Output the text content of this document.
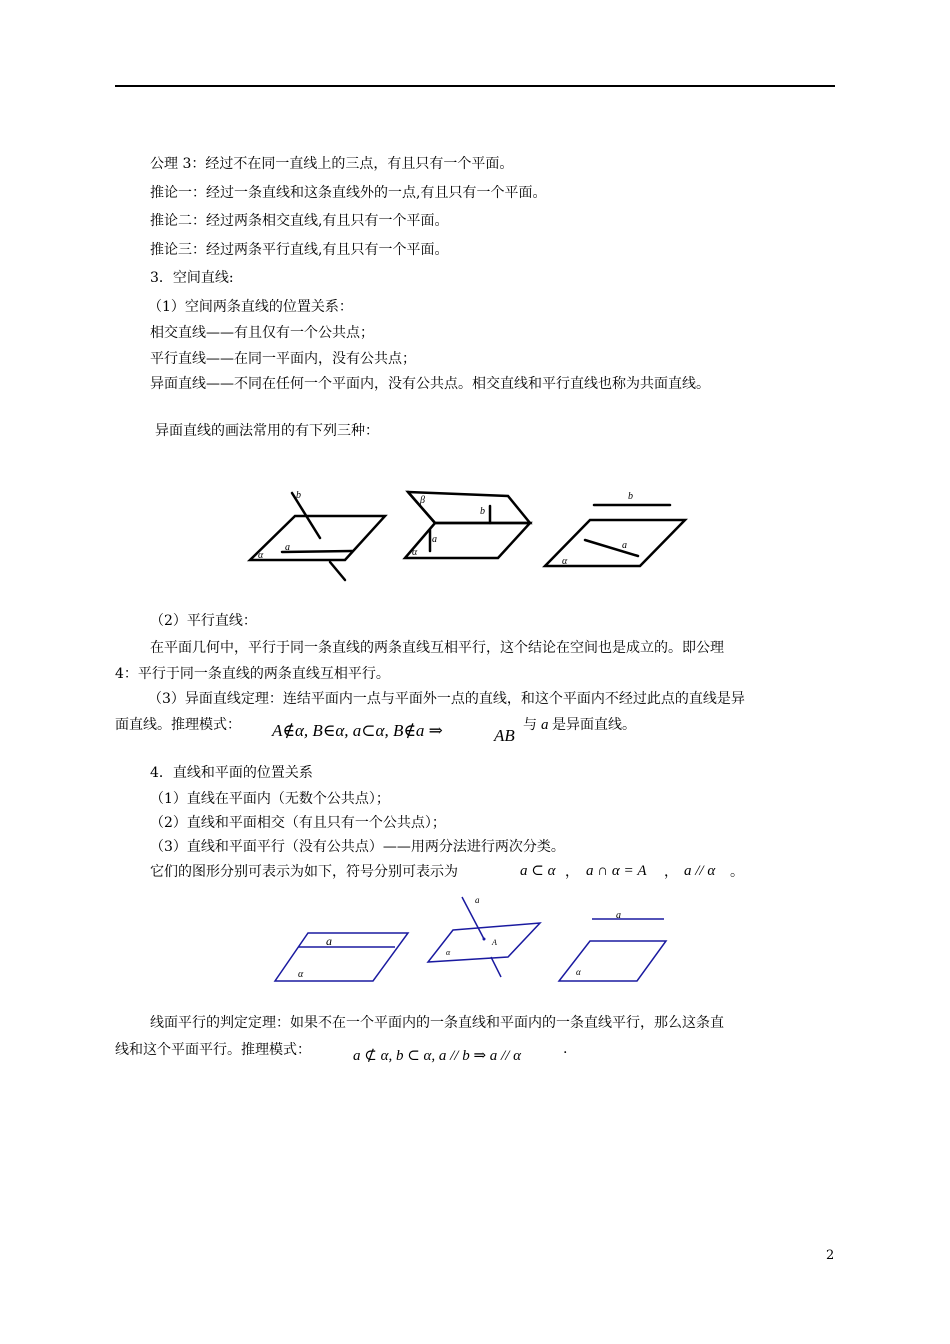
公理 3：经过不在同一直线上的三点，有且只有一个平面。
推论一：经过一条直线和这条直线外的一点,有且只有一个平面。
推论二：经过两条相交直线,有且只有一个平面。
推论三：经过两条平行直线,有且只有一个平面。
3．空间直线:
（1）空间两条直线的位置关系：
相交直线——有且仅有一个公共点；
平行直线——在同一平面内，没有公共点；
异面直线——不同在任何一个平面内，没有公共点。相交直线和平行直线也称为共面直线。
异面直线的画法常用的有下列三种：
b
a
α
β
b
a
α
b
a
α
（2）平行直线：
在平面几何中，平行于同一条直线的两条直线互相平行，这个结论在空间也是成立的。即公理
4：平行于同一条直线的两条直线互相平行。
（3）异面直线定理：连结平面内一点与平面外一点的直线，和这个平面内不经过此点的直线是异
面直线。推理模式： A∉α, B∈α, a⊂α, B∉a ⇒	AB
与 a 是异面直线。
4．直线和平面的位置关系
（1）直线在平面内（无数个公共点）；
（2）直线和平面相交（有且只有一个公共点）；
（3）直线和平面平行（没有公共点）——用两分法进行两次分类。
它们的图形分别可表示为如下，符号分别可表示为	a ⊂ α ， a ∩ α = A ， a // α 。
a
α
a
A
α
a
α
线面平行的判定定理：如果不在一个平面内的一条直线和平面内的一条直线平行，那么这条直
线和这个平面平行。推理模式：	a ⊄ α, b ⊂ α, a // b ⇒ a // α	.
2
